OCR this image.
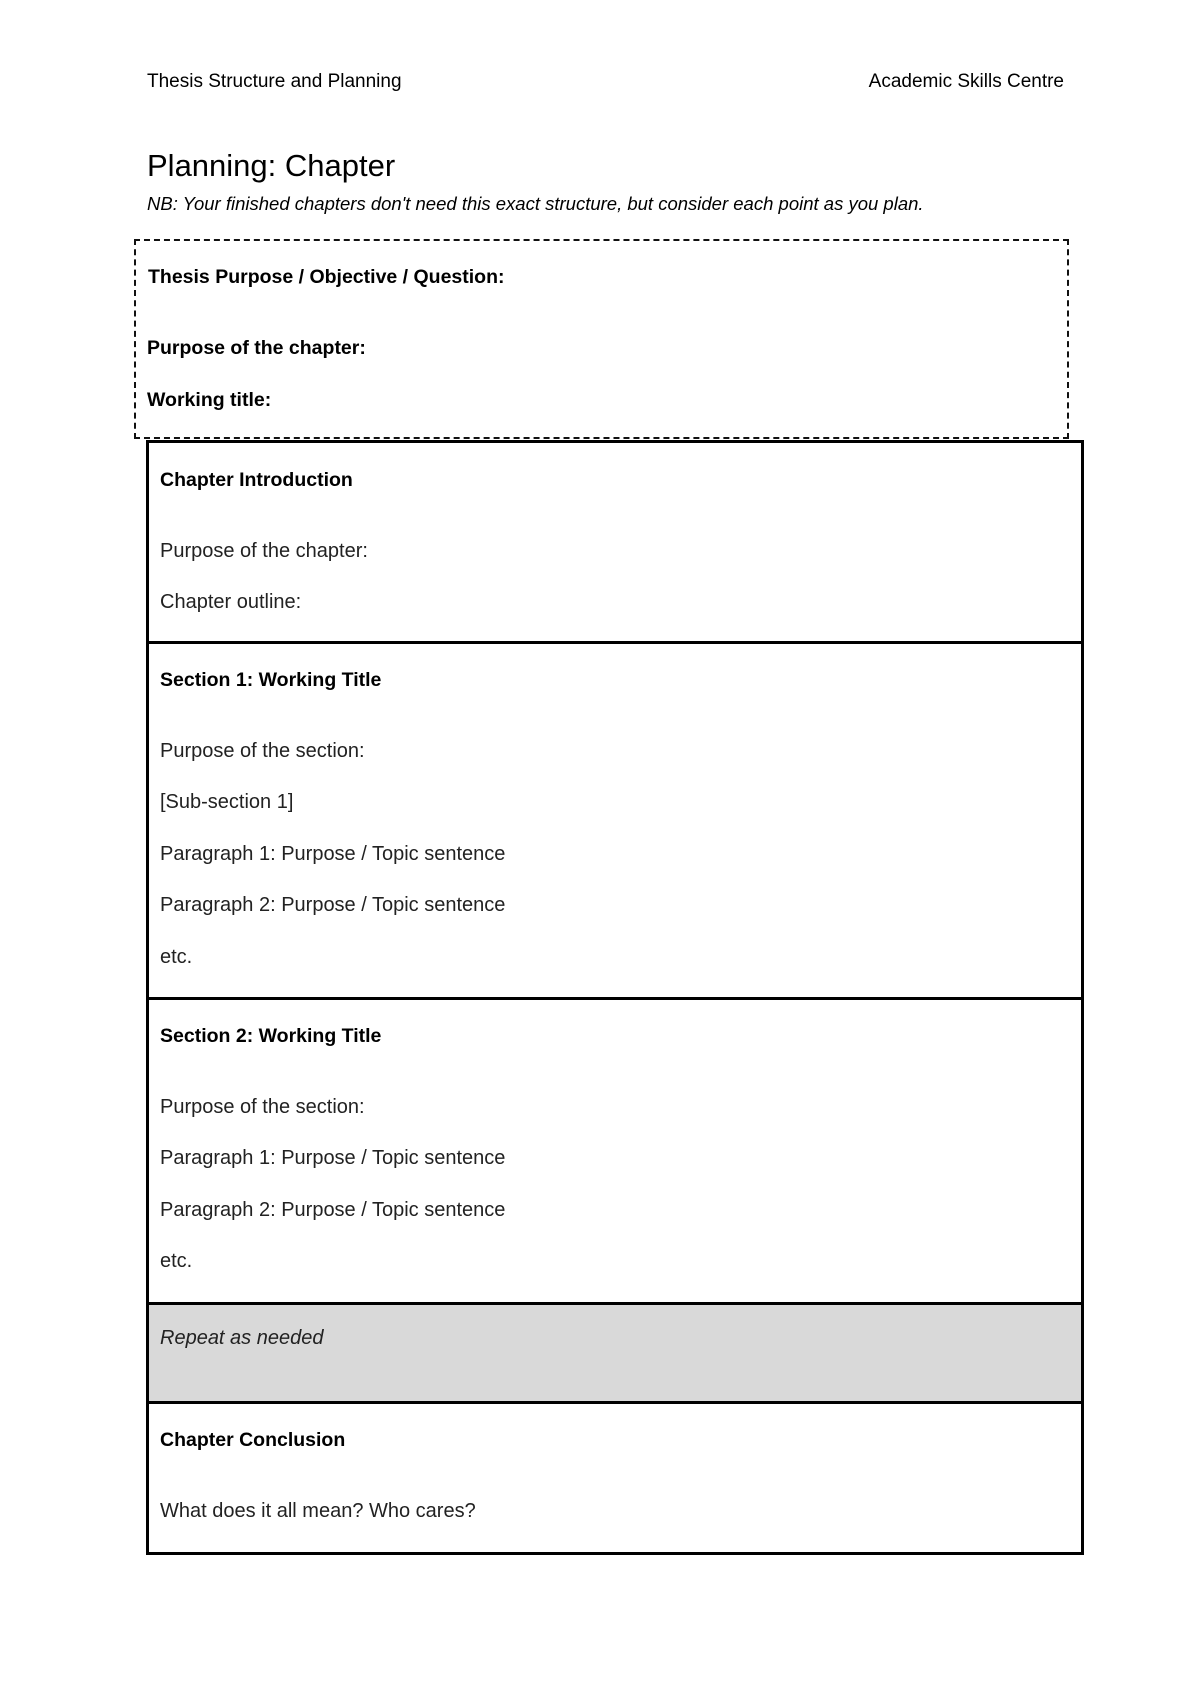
Thesis Structure and Planning	Academic Skills Centre
Planning: Chapter
NB: Your finished chapters don't need this exact structure, but consider each point as you plan.
Thesis Purpose / Objective / Question:
Purpose of the chapter:
Working title:
Chapter Introduction
Purpose of the chapter:
Chapter outline:
Section 1: Working Title
Purpose of the section:
[Sub-section 1]
Paragraph 1: Purpose / Topic sentence
Paragraph 2: Purpose / Topic sentence
etc.
Section 2: Working Title
Purpose of the section:
Paragraph 1: Purpose / Topic sentence
Paragraph 2: Purpose / Topic sentence
etc.
Repeat as needed
Chapter Conclusion
What does it all mean? Who cares?
